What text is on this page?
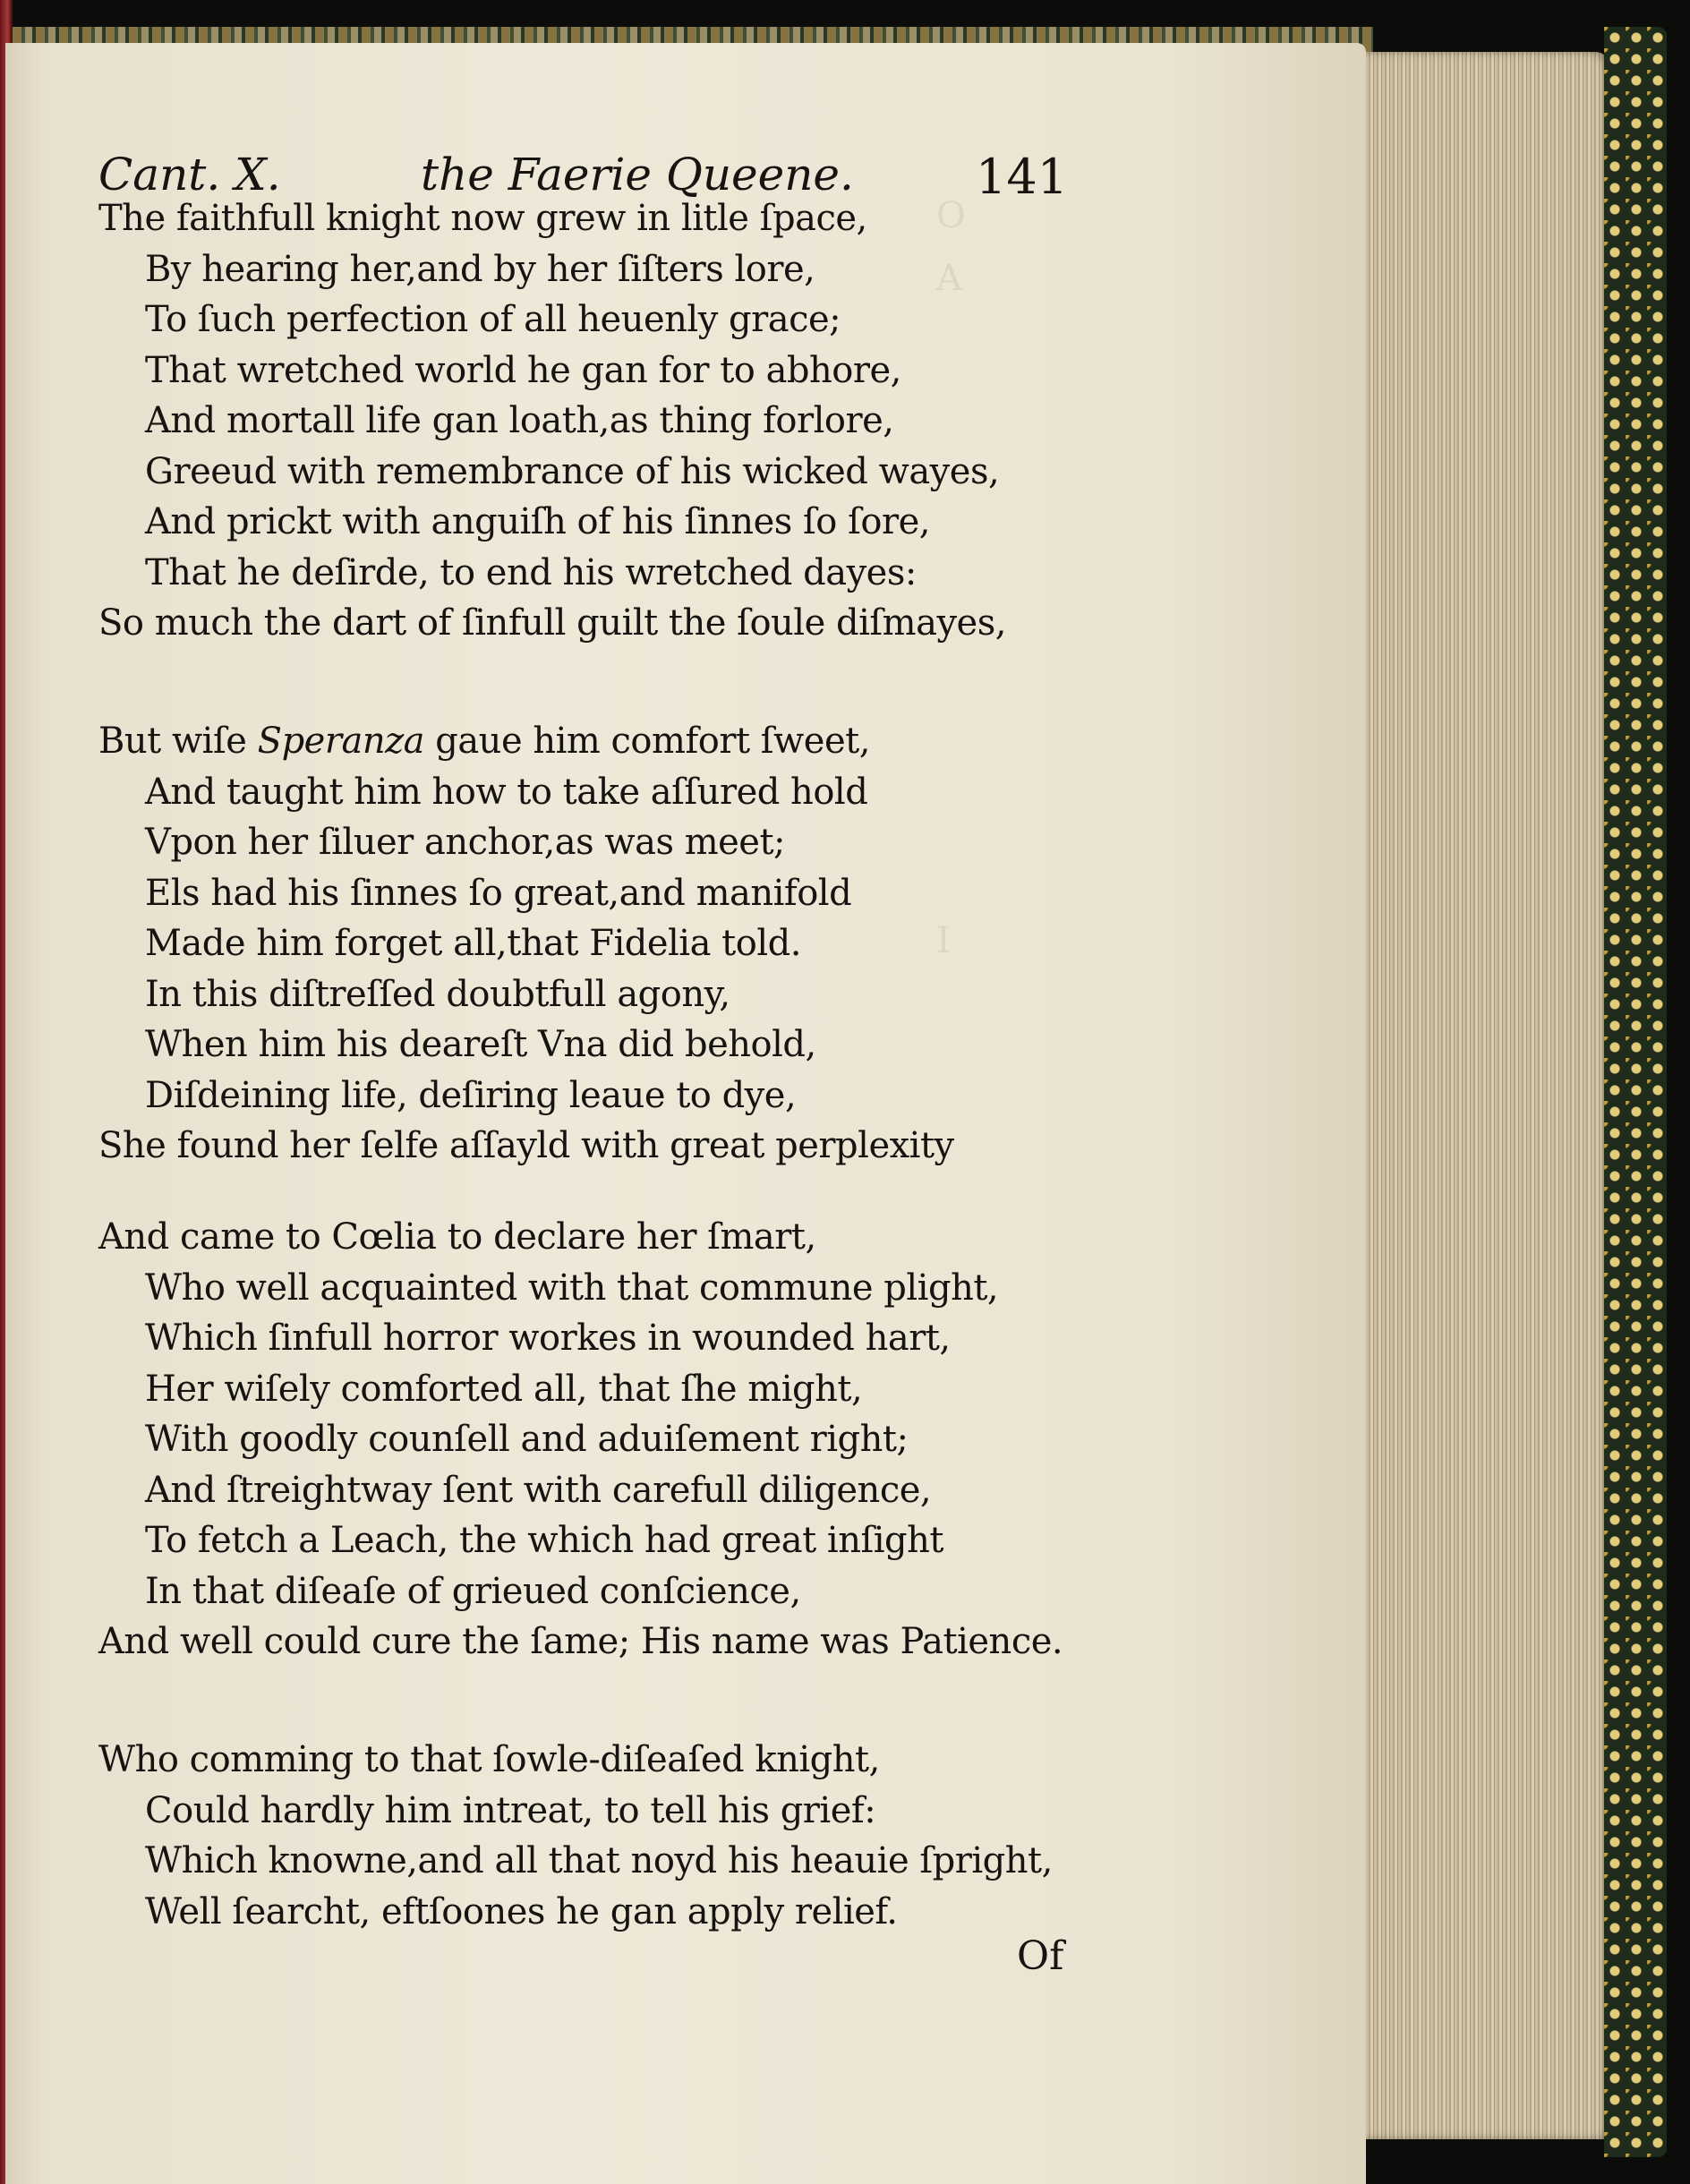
O
A
I
Cant. X.	the Faerie Queene.	141
The faithfull knight now grew in litle ſpace,
By hearing her,and by her ſiſters lore,
To ſuch perfection of all heuenly grace;
That wretched world he gan for to abhore,
And mortall life gan loath,as thing forlore,
Greeud with remembrance of his wicked wayes,
And prickt with anguiſh of his ſinnes ſo ſore,
That he deſirde, to end his wretched dayes:
So much the dart of ſinfull guilt the ſoule diſmayes,
But wiſe Speranza gaue him comfort ſweet,
And taught him how to take aſſured hold
Vpon her ſiluer anchor,as was meet;
Els had his ſinnes ſo great,and manifold
Made him forget all,that Fidelia told.
In this diſtreſſed doubtfull agony,
When him his deareſt Vna did behold,
Diſdeining life, deſiring leaue to dye,
She found her ſelfe aſſayld with great perplexity
And came to Cœlia to declare her ſmart,
Who well acquainted with that commune plight,
Which ſinfull horror workes in wounded hart,
Her wiſely comforted all, that ſhe might,
With goodly counſell and aduiſement right;
And ſtreightway ſent with carefull diligence,
To fetch a Leach, the which had great inſight
In that diſeaſe of grieued conſcience,
And well could cure the ſame; His name was Patience.
Who comming to that ſowle-diſeaſed knight,
Could hardly him intreat, to tell his grief:
Which knowne,and all that noyd his heauie ſpright,
Well ſearcht, eftſoones he gan apply relief.
Of
